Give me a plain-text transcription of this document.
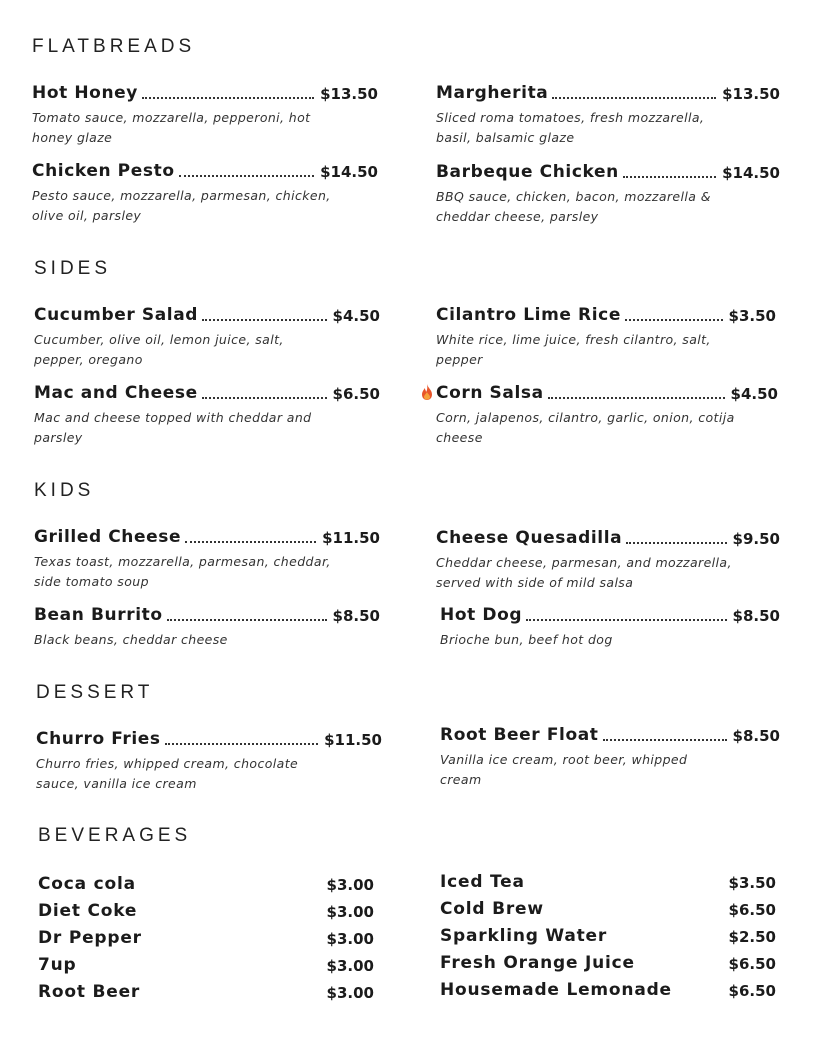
FLATBREADS
Hot Honey	$13.50
Tomato sauce, mozzarella, pepperoni, hot honey glaze
Margherita	$13.50
Sliced roma tomatoes, fresh mozzarella, basil, balsamic glaze
Chicken Pesto	$14.50
Pesto sauce, mozzarella, parmesan, chicken, olive oil, parsley
Barbeque Chicken	$14.50
BBQ sauce, chicken, bacon, mozzarella & cheddar cheese, parsley
SIDES
Cucumber Salad	$4.50
Cucumber, olive oil, lemon juice, salt, pepper, oregano
Cilantro Lime Rice	$3.50
White rice, lime juice, fresh cilantro, salt, pepper
Mac and Cheese	$6.50
Mac and cheese topped with cheddar and parsley
Corn Salsa	$4.50
Corn, jalapenos, cilantro, garlic, onion, cotija cheese
KIDS
Grilled Cheese	$11.50
Texas toast, mozzarella, parmesan, cheddar, side tomato soup
Cheese Quesadilla	$9.50
Cheddar cheese, parmesan, and mozzarella, served with side of mild salsa
Bean Burrito	$8.50
Black beans, cheddar cheese
Hot Dog	$8.50
Brioche bun, beef hot dog
DESSERT
Churro Fries	$11.50
Churro fries, whipped cream, chocolate sauce, vanilla ice cream
Root Beer Float	$8.50
Vanilla ice cream, root beer, whipped cream
BEVERAGES
Coca cola	$3.00
Diet Coke	$3.00
Dr Pepper	$3.00
7up	$3.00
Root Beer	$3.00
Iced Tea	$3.50
Cold Brew	$6.50
Sparkling Water	$2.50
Fresh Orange Juice	$6.50
Housemade Lemonade	$6.50
